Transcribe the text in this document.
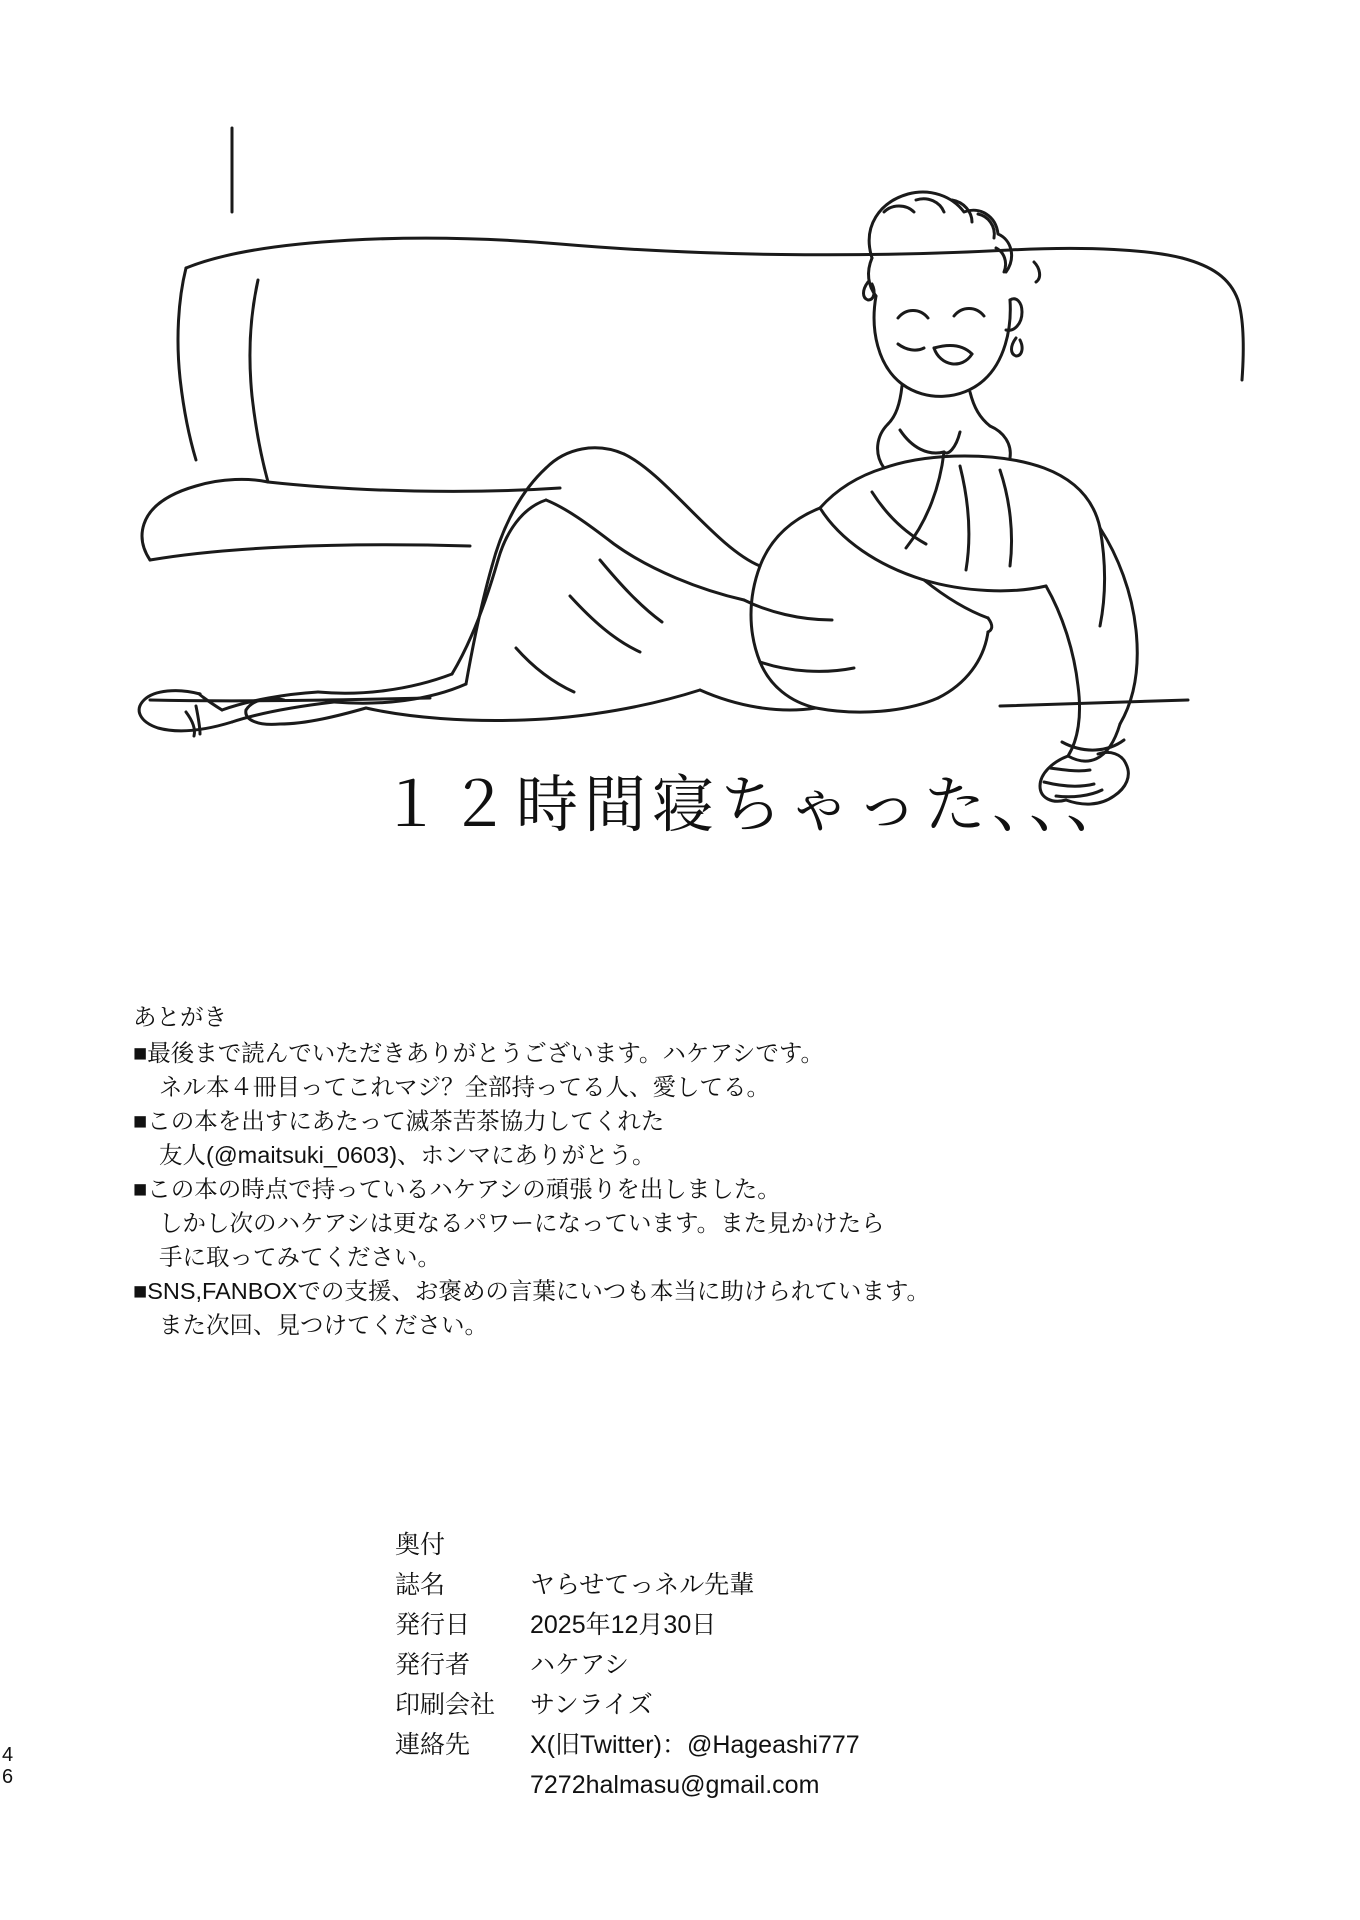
4
6
１２時間寝ちゃった、、、
あとがき
■最後まで読んでいただきありがとうございます。ハケアシです。
ネル本４冊目ってこれマジ？全部持ってる人、愛してる。
■この本を出すにあたって滅茶苦茶協力してくれた
友人(@maitsuki_0603)、ホンマにありがとう。
■この本の時点で持っているハケアシの頑張りを出しました。
しかし次のハケアシは更なるパワーになっています。また見かけたら
手に取ってみてください。
■SNS,FANBOXでの支援、お褒めの言葉にいつも本当に助けられています。
また次回、見つけてください。
奥付
誌名	ヤらせてっネル先輩
発行日	2025年12月30日
発行者	ハケアシ
印刷会社	サンライズ
連絡先	X(旧Twitter)：@Hageashi777
7272halmasu@gmail.com
